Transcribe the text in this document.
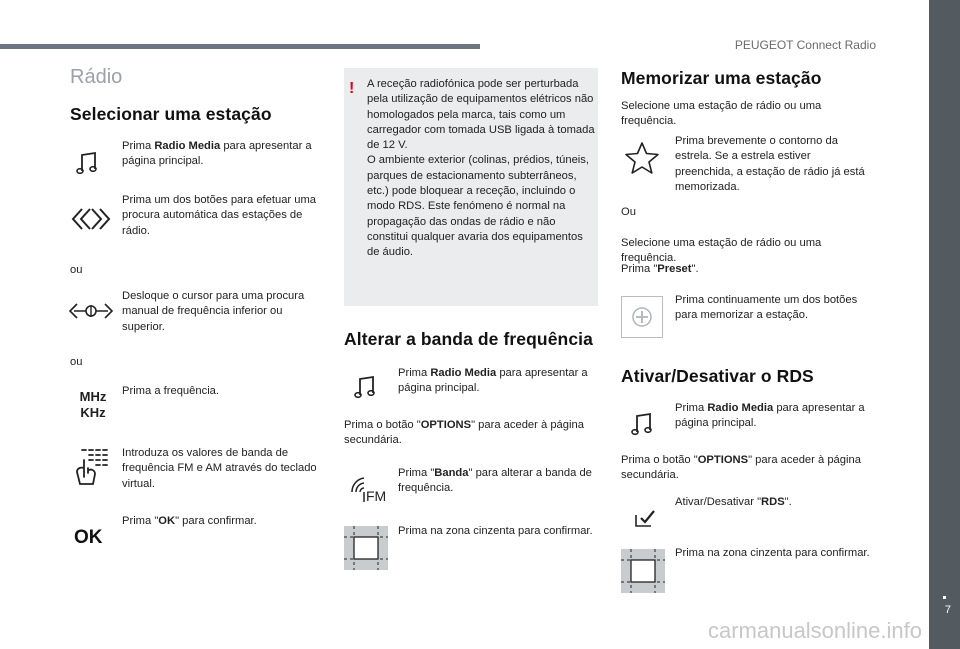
PEUGEOT Connect Radio
7
Rádio
Selecionar uma estação
Prima Radio Media para apresentar a página principal.
Prima um dos botões para efetuar uma procura automática das estações de rádio.
ou
Desloque o cursor para uma procura manual de frequência inferior ou superior.
ou
MHz
KHz
Prima a frequência.
Introduza os valores de banda de frequência FM e AM através do teclado virtual.
OK
Prima "OK" para confirmar.
! A receção radiofónica pode ser perturbada pela utilização de equipamentos elétricos não homologados pela marca, tais como um carregador com tomada USB ligada à tomada de 12 V.
O ambiente exterior (colinas, prédios, túneis, parques de estacionamento subterrâneos, etc.) pode bloquear a receção, incluindo o modo RDS. Este fenómeno é normal na propagação das ondas de rádio e não constitui qualquer avaria dos equipamentos de áudio.
Alterar a banda de frequência
Prima Radio Media para apresentar a página principal.
Prima o botão "OPTIONS" para aceder à página secundária.
FM
Prima "Banda" para alterar a banda de frequência.
Prima na zona cinzenta para confirmar.
Memorizar uma estação
Selecione uma estação de rádio ou uma frequência.
Prima brevemente o contorno da estrela. Se a estrela estiver preenchida, a estação de rádio já está memorizada.
Ou
Selecione uma estação de rádio ou uma frequência.
Prima "Preset".
Prima continuamente um dos botões para memorizar a estação.
Ativar/Desativar o RDS
Prima Radio Media para apresentar a página principal.
Prima o botão "OPTIONS" para aceder à página secundária.
Ativar/Desativar "RDS".
Prima na zona cinzenta para confirmar.
carmanualsonline.info
